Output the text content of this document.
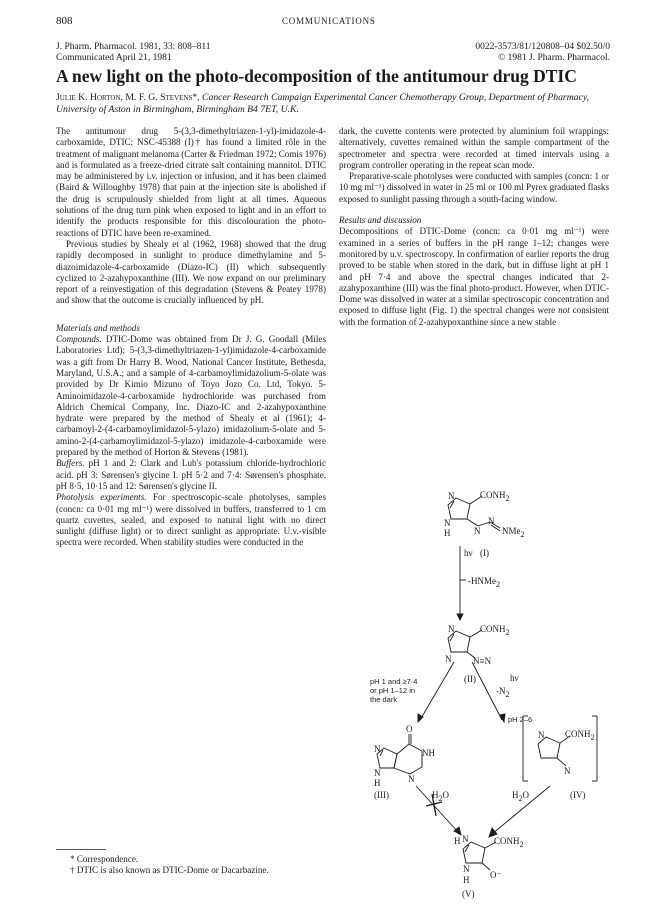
808	COMMUNICATIONS
J. Pharm. Pharmacol. 1981, 33: 808–811
Communicated April 21, 1981
0022-3573/81/120808–04 $02.50/0
© 1981 J. Pharm. Pharmacol.
A new light on the photo-decomposition of the antitumour drug DTIC
Julie K. Horton, M. F. G. Stevens*, Cancer Research Campaign Experimental Cancer Chemotherapy Group, Department of Pharmacy, University of Aston in Birmingham, Birmingham B4 7ET, U.K.

The antitumour drug 5-(3,3-dimethyltriazen-1-yl)-imidazole-4-carboxamide, DTIC: NSC-45388 (I)† has found a limited rôle in the treatment of malignant melanoma (Carter & Friedman 1972; Comis 1976) and is formulated as a freeze-dried citrate salt containing mannitol. DTIC may be administered by i.v. injection or infusion, and it has been claimed (Baird & Willoughby 1978) that pain at the injection site is abolished if the drug is scrupulously shielded from light at all times. Aqueous solutions of the drug turn pink when exposed to light and in an effort to identify the products responsible for this discolouration the photo-reactions of DTIC have been re-examined.

Previous studies by Shealy et al (1962, 1968) showed that the drug rapidly decomposed in sunlight to produce dimethylamine and 5-diazoimidazole-4-carboxamide (Diazo-IC) (II) which subsequently cyclized to 2-azahypoxanthine (III). We now expand on our preliminary report of a reinvestigation of this degradation (Stevens & Peatey 1978) and show that the outcome is crucially influenced by pH.

Materials and methods

Compounds. DTIC-Dome was obtained from Dr J. G. Goodall (Miles Laboratories Ltd); 5-(3,3-dimethyltriazen-1-yl)imidazole-4-carboxamide was a gift from Dr Harry B. Wood, National Cancer Institute, Bethesda, Maryland, U.S.A.; and a sample of 4-carbamoylimidazolium-5-olate was provided by Dr Kimio Mizuno of Toyo Jozo Co. Ltd, Tokyo. 5-Aminoimidazole-4-carboxamide hydrochloride was purchased from Aldrich Chemical Company, Inc. Diazo-IC and 2-azahypoxanthine hydrate were prepared by the method of Shealy et al (1961); 4-carbamoyl-2-(4-carbamoylimidazol-5-ylazo) imidazolium-5-olate and 5-amino-2-(4-carbamoylimidazol-5-ylazo) imidazole-4-carboxamide were prepared by the method of Horton & Stevens (1981).

Buffers. pH 1 and 2: Clark and Lub's potassium chloride-hydrochloric acid. pH 3: Sørensen's glycine I. pH 5·2 and 7·4: Sørensen's phosphate. pH 8·5, 10·15 and 12: Sørensen's glycine II.

Photolysis experiments. For spectroscopic-scale photolyses, samples (concn: ca 0·01 mg ml⁻¹) were dissolved in buffers, transferred to 1 cm quartz cuvettes, sealed, and exposed to natural light with no direct sunlight (diffuse light) or to direct sunlight as appropriate. U.v.-visible spectra were recorded. When stability studies were conducted in the

dark, the cuvette contents were protected by aluminium foil wrappings: alternatively, cuvettes remained within the sample compartment of the spectrometer and spectra were recorded at timed intervals using a program controller operating in the repeat scan mode.

Preparative-scale photolyses were conducted with samples (concn: 1 or 10 mg ml⁻¹) dissolved in water in 25 ml or 100 ml Pyrex graduated flasks exposed to sunlight passing through a south-facing window.

Results and discussion

Decompositions of DTIC-Dome (concn: ca 0·01 mg ml⁻¹) were examined in a series of buffers in the pH range 1–12; changes were monitored by u.v. spectroscopy. In confirmation of earlier reports the drug proved to be stable when stored in the dark, but in diffuse light at pH 1 and pH 7·4 and above the spectral changes indicated that 2-azahypoxanthine (III) was the final photo-product. However, when DTIC-Dome was dissolved in water at a similar spectroscopic concentration and exposed to diffuse light (Fig. 1) the spectral changes were not consistent with the formation of 2-azahypoxanthine since a new stable

N	CONH2
N
H	N
N
NMe2
hν (I)
-HNMe2
N	CONH2
N≡N
N
(II)	hν
-N2
pH 1 and ≥7·4
or pH 1–12 in
the dark
pH 2–6
O
NH
N
N
H	N
(III)	H2O
CONH2
N
N
H2O	(IV)
H N	CONH2
O⁻
N
H
(V)
* Correspondence.
† DTIC is also known as DTIC-Dome or Dacarbazine.
